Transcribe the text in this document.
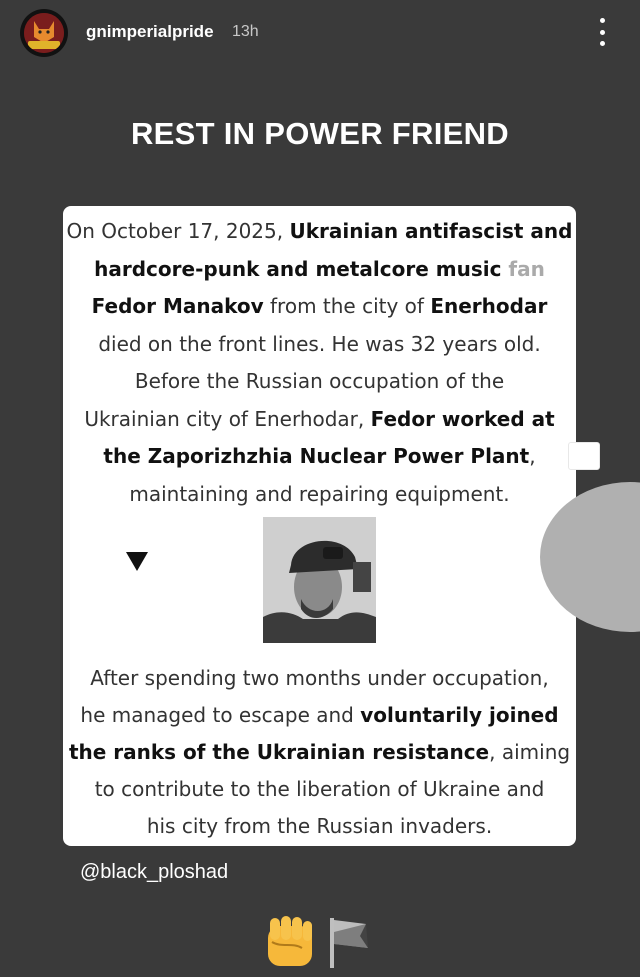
gnimperialpride 13h
REST IN POWER FRIEND
On October 17, 2025, Ukrainian antifascist and
hardcore-punk and metalcore music fan
Fedor Manakov from the city of Enerhodar
died on the front lines. He was 32 years old.
Before the Russian occupation of the
Ukrainian city of Enerhodar, Fedor worked at
the Zaporizhzhia Nuclear Power Plant,
maintaining and repairing equipment.
After spending two months under occupation,
he managed to escape and voluntarily joined
the ranks of the Ukrainian resistance, aiming
to contribute to the liberation of Ukraine and
his city from the Russian invaders.
@black_ploshad
